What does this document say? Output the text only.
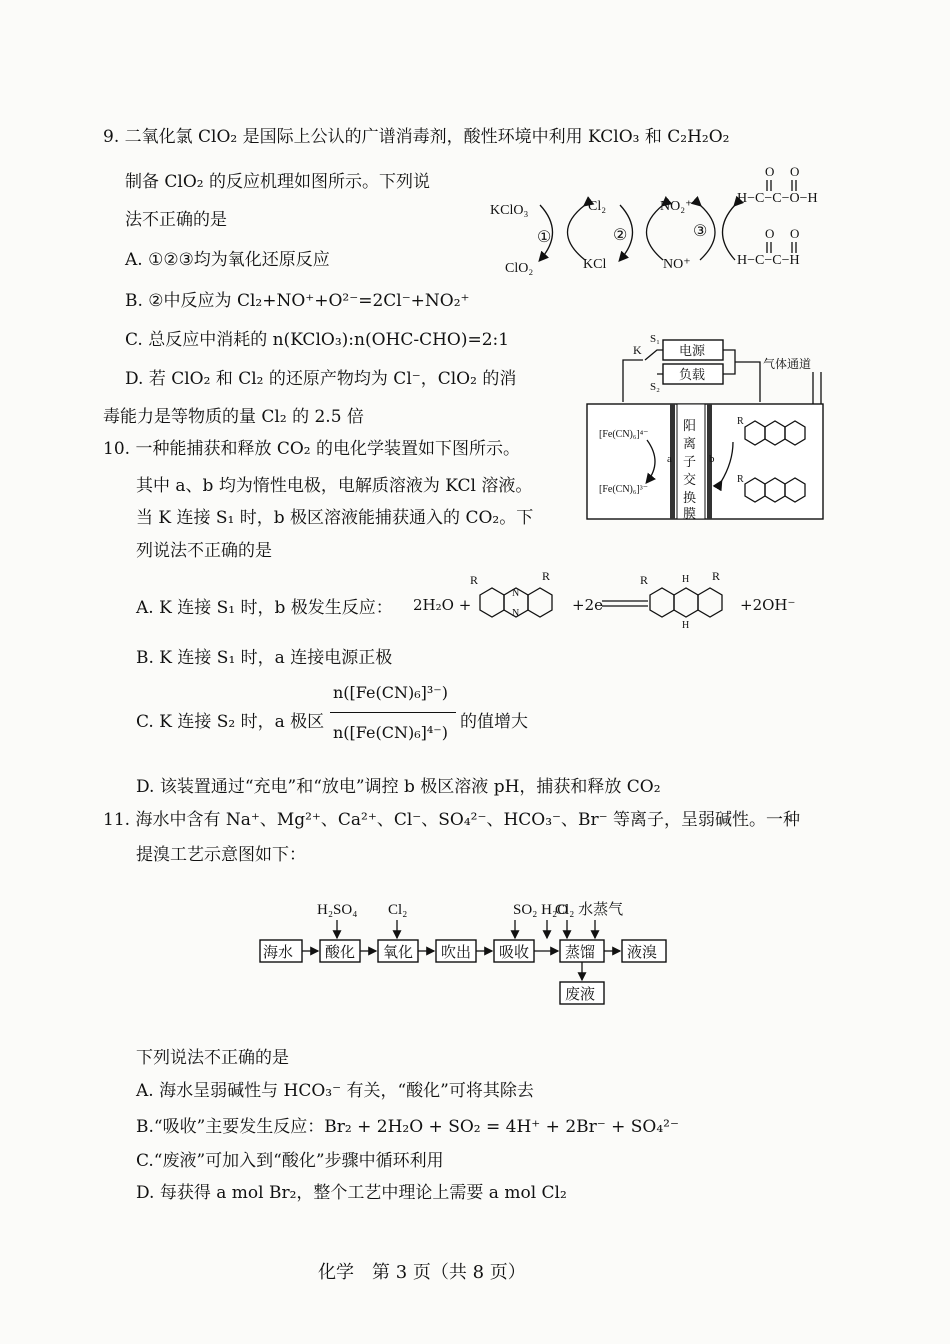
9. 二氧化氯 ClO₂ 是国际上公认的广谱消毒剂，酸性环境中利用 KClO₃ 和 C₂H₂O₂
制备 ClO₂ 的反应机理如图所示。下列说
法不正确的是
A. ①②③均为氧化还原反应
B. ②中反应为 Cl₂+NO⁺+O²⁻=2Cl⁻+NO₂⁺
C. 总反应中消耗的 n(KClO₃):n(OHC-CHO)=2:1
D. 若 ClO₂ 和 Cl₂ 的还原产物均为 Cl⁻，ClO₂ 的消
毒能力是等物质的量 Cl₂ 的 2.5 倍
KClO₃
ClO₂
Cl₂
KCl
NO₂⁺
NO⁺
①	②	③
H−C−C−O−H
O O
H−C−C−H
O O
10. 一种能捕获和释放 CO₂ 的电化学装置如下图所示。
其中 a、b 均为惰性电极，电解质溶液为 KCl 溶液。
当 K 连接 S₁ 时，b 极区溶液能捕获通入的 CO₂。下
列说法不正确的是
电源
负载
S₁
S₂
K
气体通道
阳
离
子
交
换
膜
a	b
[Fe(CN)₆]⁴⁻
[Fe(CN)₆]³⁻
R
R
A. K 连接 S₁ 时，b 极发生反应： 2H₂O +
R	R
N
N	+2e
R	R
H
H
+2OH⁻
B. K 连接 S₁ 时，a 连接电源正极
C. K 连接 S₂ 时，a 极区
n([Fe(CN)₆]³⁻)
n([Fe(CN)₆]⁴⁻)
的值增大
D. 该装置通过“充电”和“放电”调控 b 极区溶液 pH，捕获和释放 CO₂
11. 海水中含有 Na⁺、Mg²⁺、Ca²⁺、Cl⁻、SO₄²⁻、HCO₃⁻、Br⁻ 等离子，呈弱碱性。一种
提溴工艺示意图如下：
H₂SO₄ Cl₂	SO₂ H₂O
Cl₂ 水蒸气
海水 酸化 氧化 吹出 吸收 蒸馏 液溴
废液
下列说法不正确的是
A. 海水呈弱碱性与 HCO₃⁻ 有关，“酸化”可将其除去
B.“吸收”主要发生反应：Br₂ + 2H₂O + SO₂ = 4H⁺ + 2Br⁻ + SO₄²⁻
C.“废液”可加入到“酸化”步骤中循环利用
D. 每获得 a mol Br₂，整个工艺中理论上需要 a mol Cl₂
化学　第 3 页（共 8 页）
